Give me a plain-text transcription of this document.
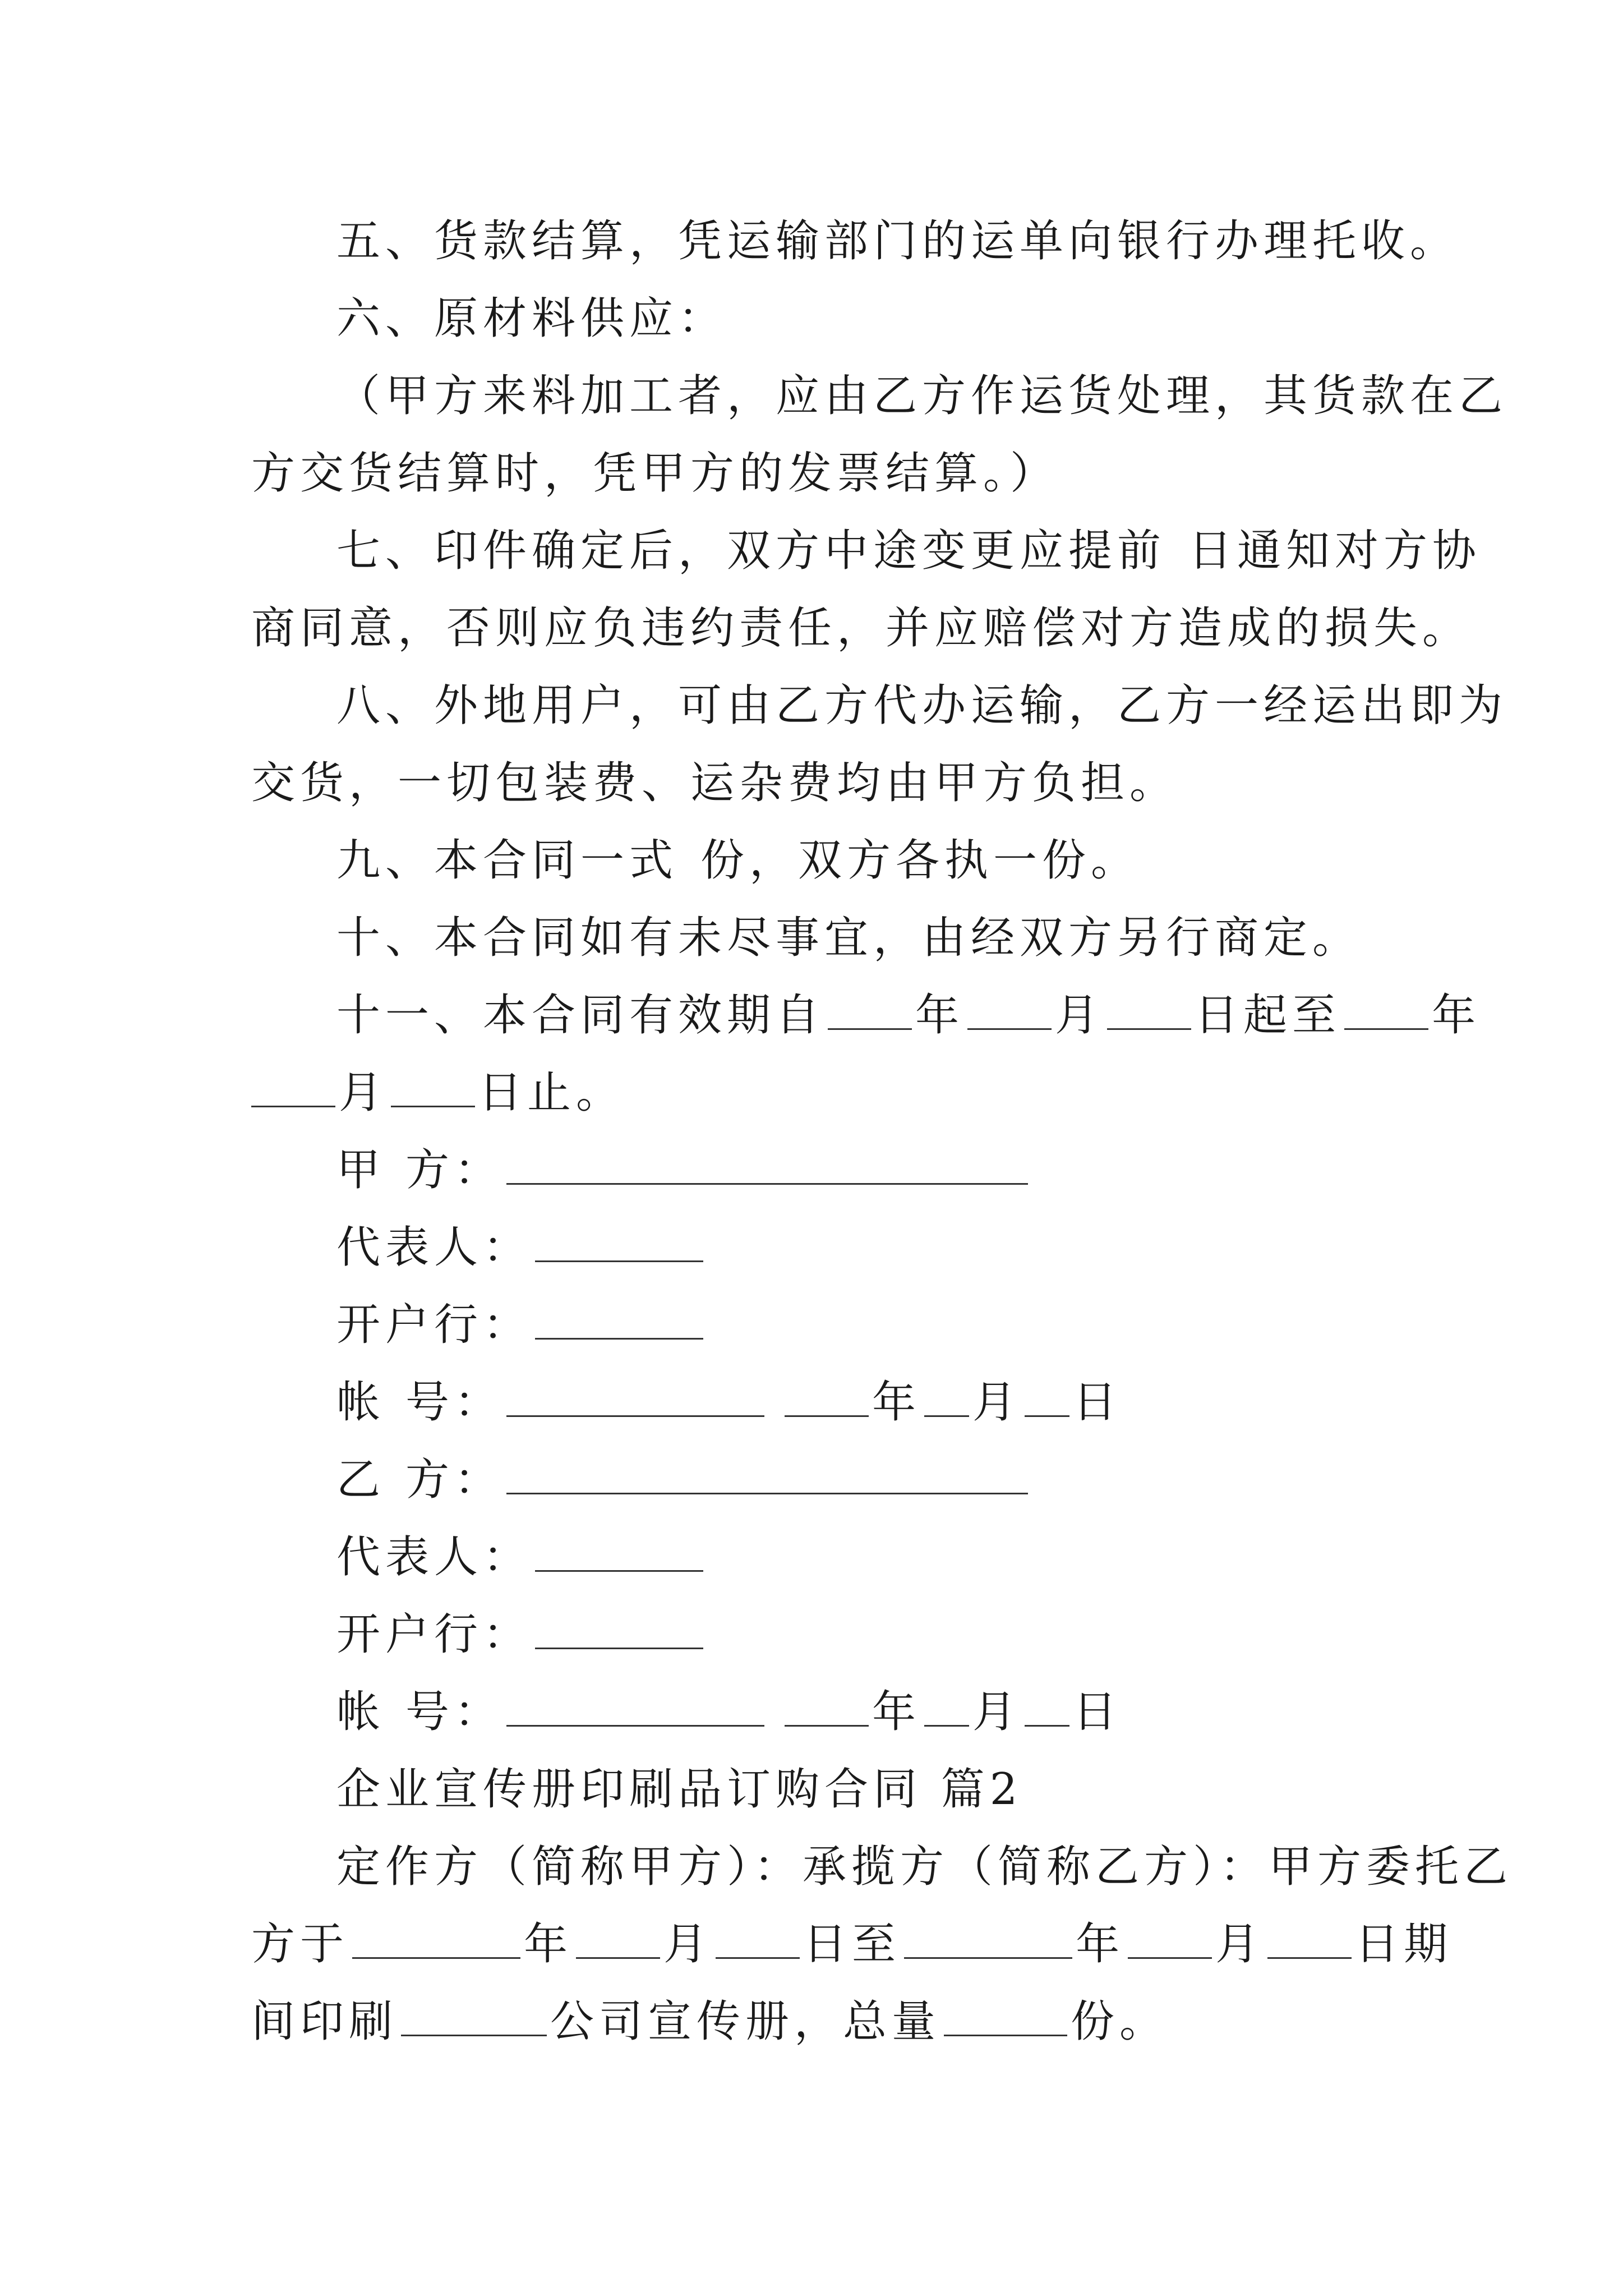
五、货款结算，凭运输部门的运单向银行办理托收。
六、原材料供应：
（甲方来料加工者，应由乙方作运货处理，其货款在乙
方交货结算时，凭甲方的发票结算。）
七、印件确定后，双方中途变更应提前 日通知对方协
商同意，否则应负违约责任，并应赔偿对方造成的损失。
八、外地用户，可由乙方代办运输，乙方一经运出即为
交货，一切包装费、运杂费均由甲方负担。
九、本合同一式 份，双方各执一份。
十、本合同如有未尽事宜，由经双方另行商定。
十一、本合同有效期自 年 月 日起至 年
月 日止。
甲 方：
代表人：
开户行：
帐 号：	年 月 日
乙 方：
代表人：
开户行：
帐 号：	年 月 日
企业宣传册印刷品订购合同 篇2
定作方（简称甲方）：承揽方（简称乙方）：甲方委托乙
方于	年 月 日至	年 月 日期
间印刷	公司宣传册，总量	份。
